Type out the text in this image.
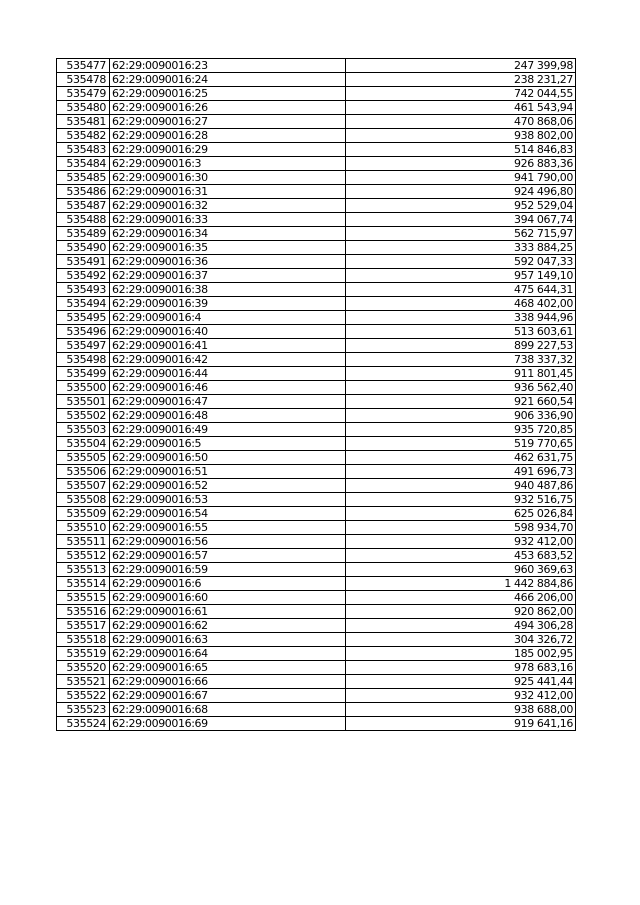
535477	62:29:0090016:23	247 399,98
535478	62:29:0090016:24	238 231,27
535479	62:29:0090016:25	742 044,55
535480	62:29:0090016:26	461 543,94
535481	62:29:0090016:27	470 868,06
535482	62:29:0090016:28	938 802,00
535483	62:29:0090016:29	514 846,83
535484	62:29:0090016:3	926 883,36
535485	62:29:0090016:30	941 790,00
535486	62:29:0090016:31	924 496,80
535487	62:29:0090016:32	952 529,04
535488	62:29:0090016:33	394 067,74
535489	62:29:0090016:34	562 715,97
535490	62:29:0090016:35	333 884,25
535491	62:29:0090016:36	592 047,33
535492	62:29:0090016:37	957 149,10
535493	62:29:0090016:38	475 644,31
535494	62:29:0090016:39	468 402,00
535495	62:29:0090016:4	338 944,96
535496	62:29:0090016:40	513 603,61
535497	62:29:0090016:41	899 227,53
535498	62:29:0090016:42	738 337,32
535499	62:29:0090016:44	911 801,45
535500	62:29:0090016:46	936 562,40
535501	62:29:0090016:47	921 660,54
535502	62:29:0090016:48	906 336,90
535503	62:29:0090016:49	935 720,85
535504	62:29:0090016:5	519 770,65
535505	62:29:0090016:50	462 631,75
535506	62:29:0090016:51	491 696,73
535507	62:29:0090016:52	940 487,86
535508	62:29:0090016:53	932 516,75
535509	62:29:0090016:54	625 026,84
535510	62:29:0090016:55	598 934,70
535511	62:29:0090016:56	932 412,00
535512	62:29:0090016:57	453 683,52
535513	62:29:0090016:59	960 369,63
535514	62:29:0090016:6	1 442 884,86
535515	62:29:0090016:60	466 206,00
535516	62:29:0090016:61	920 862,00
535517	62:29:0090016:62	494 306,28
535518	62:29:0090016:63	304 326,72
535519	62:29:0090016:64	185 002,95
535520	62:29:0090016:65	978 683,16
535521	62:29:0090016:66	925 441,44
535522	62:29:0090016:67	932 412,00
535523	62:29:0090016:68	938 688,00
535524	62:29:0090016:69	919 641,16
